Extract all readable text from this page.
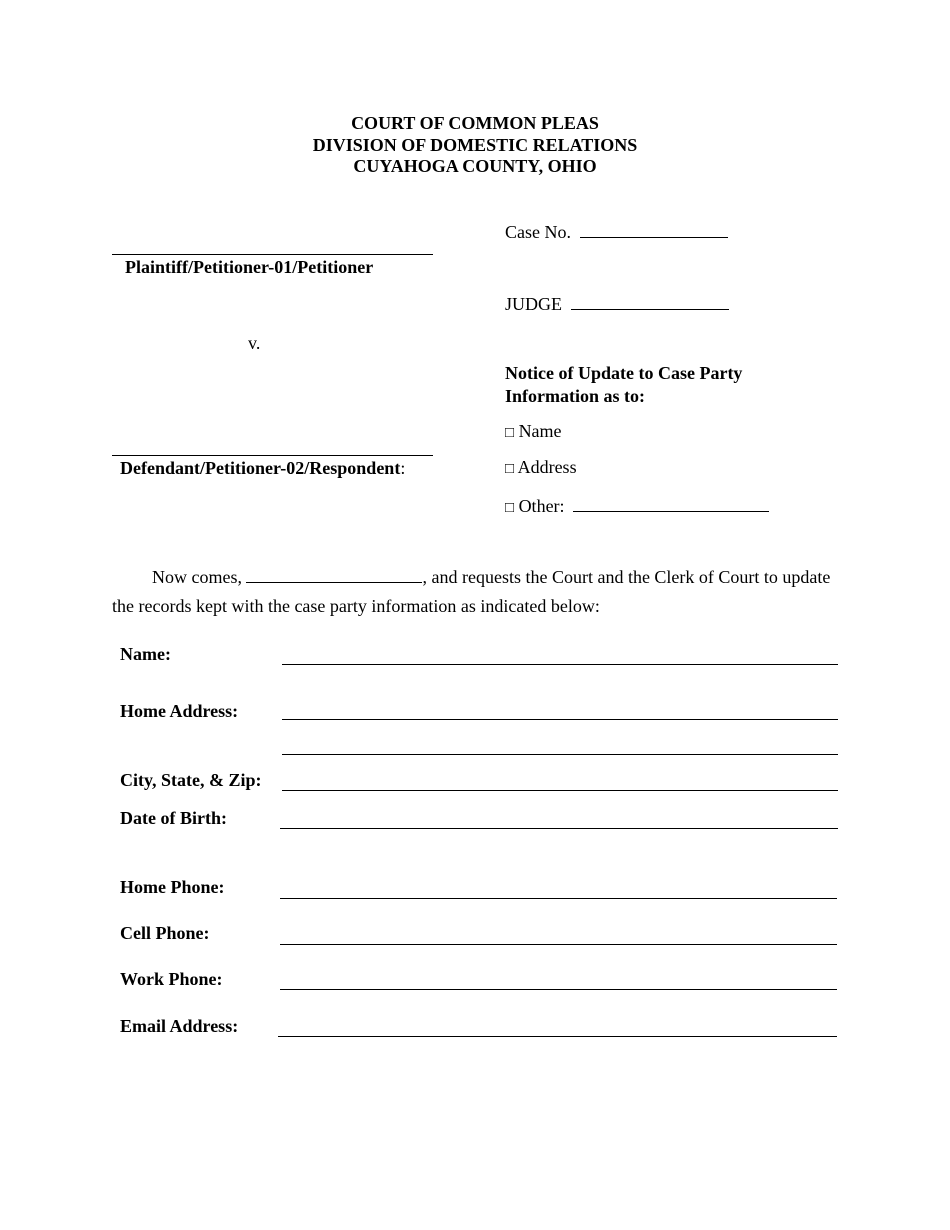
COURT OF COMMON PLEAS
DIVISION OF DOMESTIC RELATIONS
CUYAHOGA COUNTY, OHIO
Case No.
JUDGE
Notice of Update to Case Party
Information as to:
□ Name
□ Address
□ Other:
Plaintiff/Petitioner-01/Petitioner
v.
Defendant/Petitioner-02/Respondent:
Now comes,	, and requests the Court and the Clerk of Court to update
the records kept with the case party information as indicated below:
Name:
Home Address:
City, State, & Zip:
Date of Birth:
Home Phone:
Cell Phone:
Work Phone:
Email Address:
